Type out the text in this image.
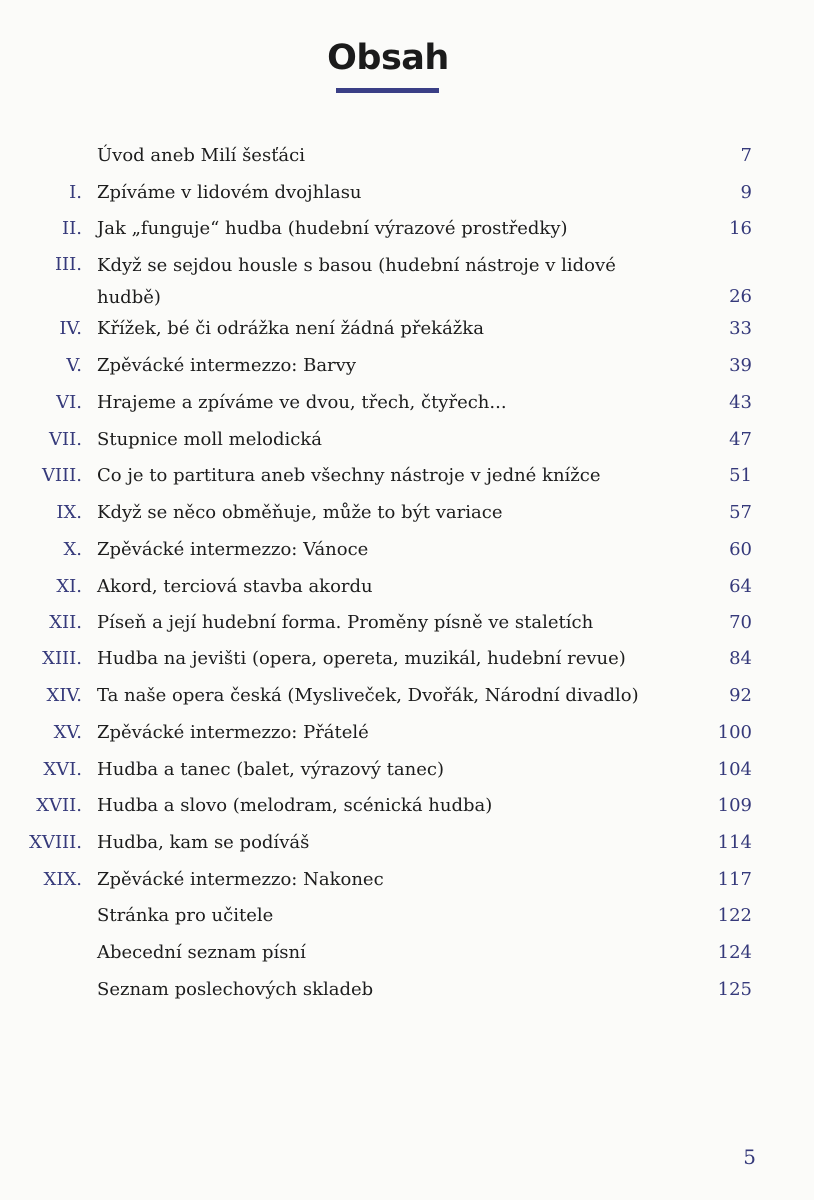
Obsah
Úvod aneb Milí šesťáci	7
I. Zpíváme v lidovém dvojhlasu	9
II. Jak „funguje“ hudba (hudební výrazové prostředky)	16
III. Když se sejdou housle s basou (hudební nástroje v lidové hudbě)	26
IV. Křížek, bé či odrážka není žádná překážka	33
V. Zpěvácké intermezzo: Barvy	39
VI. Hrajeme a zpíváme ve dvou, třech, čtyřech...	43
VII. Stupnice moll melodická	47
VIII. Co je to partitura aneb všechny nástroje v jedné knížce	51
IX. Když se něco obměňuje, může to být variace	57
X. Zpěvácké intermezzo: Vánoce	60
XI. Akord, terciová stavba akordu	64
XII. Píseň a její hudební forma. Proměny písně ve staletích	70
XIII. Hudba na jevišti (opera, opereta, muzikál, hudební revue)	84
XIV. Ta naše opera česká (Mysliveček, Dvořák, Národní divadlo)	92
XV. Zpěvácké intermezzo: Přátelé	100
XVI. Hudba a tanec (balet, výrazový tanec)	104
XVII. Hudba a slovo (melodram, scénická hudba)	109
XVIII. Hudba, kam se podíváš	114
XIX. Zpěvácké intermezzo: Nakonec	117
Stránka pro učitele	122
Abecední seznam písní	124
Seznam poslechových skladeb	125
5
